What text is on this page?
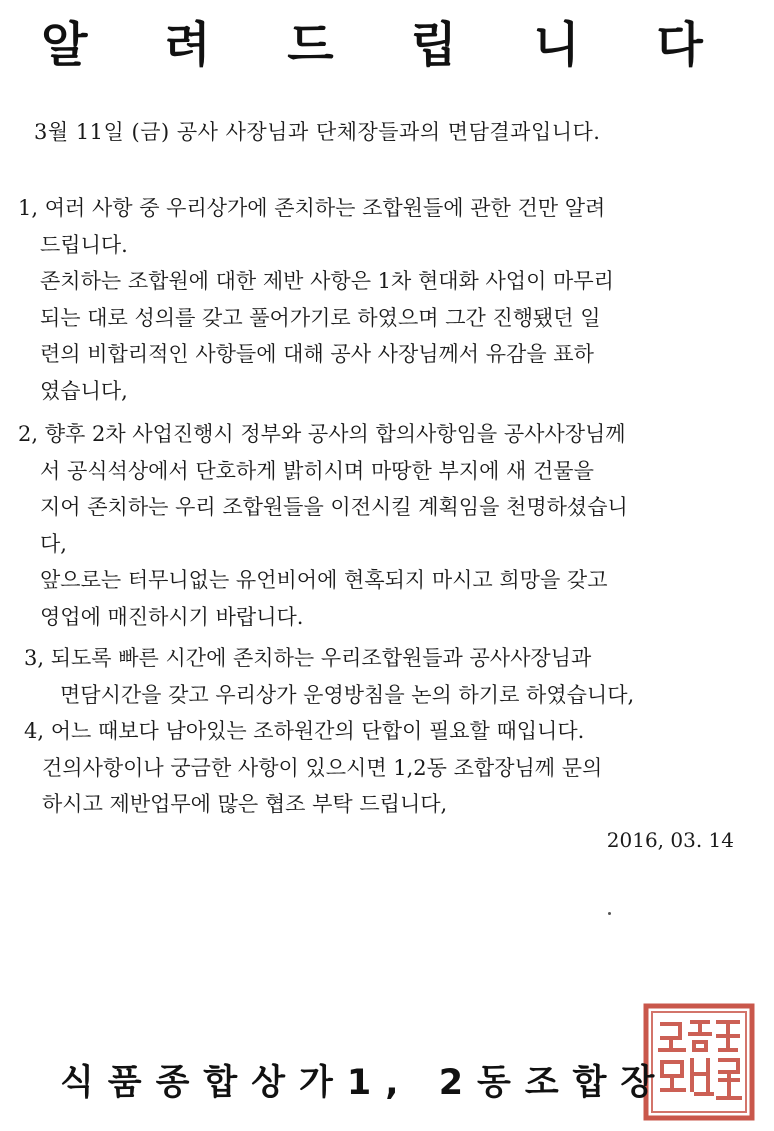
알 려 드 립 니 다
3월 11일 (금) 공사 사장님과 단체장들과의 면담결과입니다.
1, 여러 사항 중 우리상가에 존치하는 조합원들에 관한 건만 알려
드립니다.
존치하는 조합원에 대한 제반 사항은 1차 현대화 사업이 마무리
되는 대로 성의를 갖고 풀어가기로 하였으며 그간 진행됐던 일
련의 비합리적인 사항들에 대해 공사 사장님께서 유감을 표하
였습니다,
2, 향후 2차 사업진행시 정부와 공사의 합의사항임을 공사사장님께
서 공식석상에서 단호하게 밝히시며 마땅한 부지에 새 건물을
지어 존치하는 우리 조합원들을 이전시킬 계획임을 천명하셨습니
다,
앞으로는 터무니없는 유언비어에 현혹되지 마시고 희망을 갖고
영업에 매진하시기 바랍니다.
3, 되도록 빠른 시간에 존치하는 우리조합원들과 공사사장님과
면담시간을 갖고 우리상가 운영방침을 논의 하기로 하였습니다,
4, 어느 때보다 남아있는 조하원간의 단합이 필요할 때입니다.
건의사항이나 궁금한 사항이 있으시면 1,2동 조합장님께 문의
하시고 제반업무에 많은 협조 부탁 드립니다,
2016, 03. 14
식품종합상가1, 2동조합장
